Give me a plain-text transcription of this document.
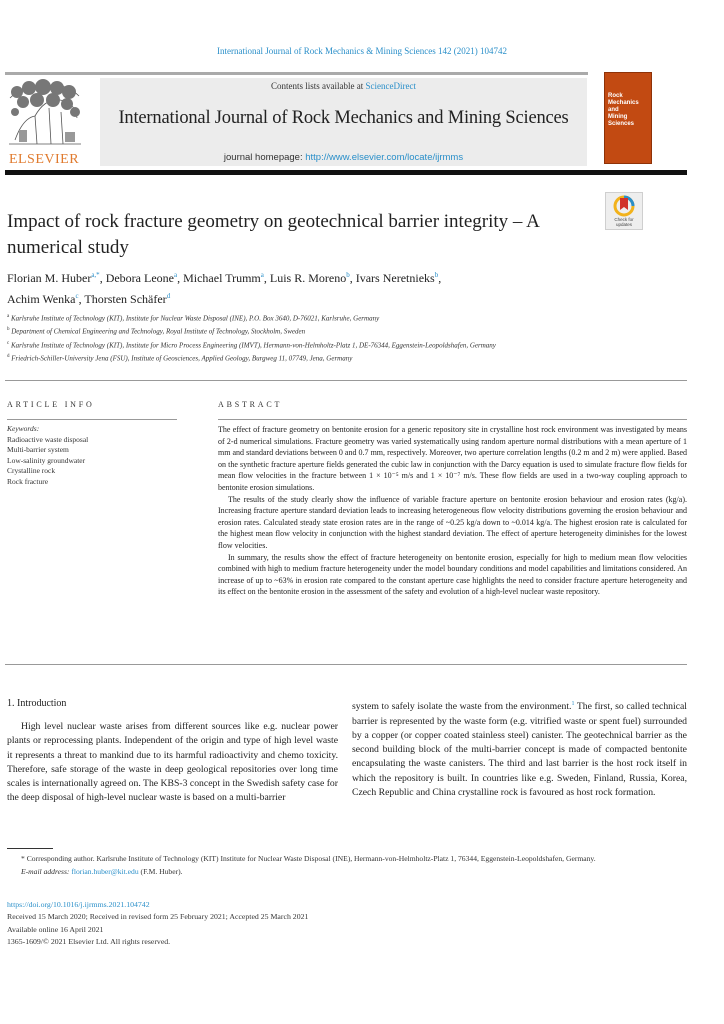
International Journal of Rock Mechanics & Mining Sciences 142 (2021) 104742
ELSEVIER
Contents lists available at ScienceDirect
International Journal of Rock Mechanics and Mining Sciences
journal homepage: http://www.elsevier.com/locate/ijrmms
Rock Mechanics
and
Mining Sciences
Check for updates
Impact of rock fracture geometry on geotechnical barrier integrity – A numerical study
Florian M. Huber$^{a,*}$, Debora Leone$^a$, Michael Trumm$^a$, Luis R. Moreno$^b$, Ivars Neretnieks$^b$,
Achim Wenka$^c$, Thorsten Schäfer$^d$
$^a$ Karlsruhe Institute of Technology (KIT), Institute for Nuclear Waste Disposal (INE), P.O. Box 3640, D-76021, Karlsruhe, Germany
$^b$ Department of Chemical Engineering and Technology, Royal Institute of Technology, Stockholm, Sweden
$^c$ Karlsruhe Institute of Technology (KIT), Institute for Micro Process Engineering (IMVT), Hermann-von-Helmholtz-Platz 1, DE-76344, Eggenstein-Leopoldshafen, Germany
$^d$ Friedrich-Schiller-University Jena (FSU), Institute of Geosciences, Applied Geology, Burgweg 11, 07749, Jena, Germany
ARTICLE INFO
Keywords:
Radioactive waste disposal
Multi-barrier system
Low-salinity groundwater
Crystalline rock
Rock fracture
ABSTRACT

The effect of fracture geometry on bentonite erosion for a generic repository site in crystalline host rock environment was investigated by means of 2-d numerical simulations. Fracture geometry was varied systematically using random aperture normal distributions with a mean aperture of 1 mm and standard deviations between 0 and 0.7 mm, respectively. Moreover, two aperture correlation lengths (0.2 m and 2 m) were applied. Based on the synthetic fracture aperture fields generated the cubic law in conjunction with the Darcy equation is used to simulate fracture flow fields for mean flow velocities in the fracture between 1 × 10⁻⁵ m/s and 1 × 10⁻⁷ m/s. These flow fields are used in a two-way coupling approach to bentonite erosion simulations.

The results of the study clearly show the influence of variable fracture aperture on bentonite erosion behaviour and erosion rates (kg/a). Increasing fracture aperture standard deviation leads to increasing heterogeneous flow velocity distributions governing the erosion behaviour and erosion rates. Calculated steady state erosion rates are in the range of ~0.25 kg/a down to ~0.014 kg/a. The highest erosion rate is calculated for the highest mean flow velocity in conjunction with the highest standard deviation. The effect of aperture heterogeneity diminishes for the lowest flow velocities.

In summary, the results show the effect of fracture heterogeneity on bentonite erosion, especially for high to medium mean flow velocities combined with high to medium fracture heterogeneity under the model boundary conditions and model capabilities and limitations considered. An increase of up to ~63% in erosion rate compared to the constant aperture case highlights the need to consider fracture aperture heterogeneity and its effect on the bentonite erosion in the assessment of the safety and evolution of a high-level nuclear waste repository.

1. Introduction
High level nuclear waste arises from different sources like e.g. nuclear power plants or reprocessing plants. Independent of the origin and type of high level waste it represents a threat to mankind due to its harmful radioactivity and chemo toxicity. Therefore, safe storage of the waste in deep geological repositories over long time scales is internationally agreed on. The KBS-3 concept in the Swedish safety case for the deep disposal of high-level nuclear waste is based on a multi-barrier
system to safely isolate the waste from the environment.$^1$ The first, so called technical barrier is represented by the waste form (e.g. vitrified waste or spent fuel) surrounded by a copper (or copper coated stainless steel) canister. The geotechnical barrier as the second building block of the multi-barrier concept is made of compacted bentonite encapsulating the waste canisters. The third and last barrier is the host rock itself in which the repository is built. In countries like e.g. Sweden, Finland, Russia, Korea, Czech Republic and China crystalline rock is favoured as host rock formation.
* Corresponding author. Karlsruhe Institute of Technology (KIT) Institute for Nuclear Waste Disposal (INE), Hermann-von-Helmholtz-Platz 1, 76344, Eggenstein-Leopoldshafen, Germany.
E-mail address: florian.huber@kit.edu (F.M. Huber).
https://doi.org/10.1016/j.ijrmms.2021.104742
Received 15 March 2020; Received in revised form 25 February 2021; Accepted 25 March 2021
Available online 16 April 2021
1365-1609/© 2021 Elsevier Ltd. All rights reserved.
